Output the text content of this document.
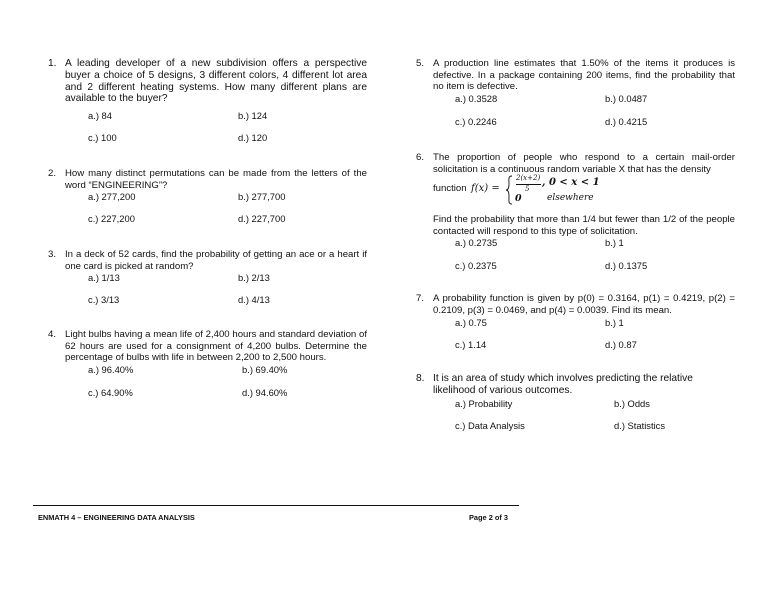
1. A leading developer of a new subdivision offers a perspective buyer a choice of 5 designs, 3 different colors, 4 different lot area and 2 different heating systems. How many different plans are available to the buyer?
a.) 84	b.) 124
c.) 100	d.) 120
2. How many distinct permutations can be made from the letters of the word “ENGINEERING”?
a.) 277,200	b.) 277,700
c.) 227,200	d.) 227,700
3. In a deck of 52 cards, find the probability of getting an ace or a heart if one card is picked at random?
a.) 1/13	b.) 2/13
c.) 3/13	d.) 4/13
4. Light bulbs having a mean life of 2,400 hours and standard deviation of 62 hours are used for a consignment of 4,200 bulbs. Determine the percentage of bulbs with life in between 2,200 to 2,500 hours.
a.) 96.40%	b.) 69.40%
c.) 64.90%	d.) 94.60%
5. A production line estimates that 1.50% of the items it produces is defective. In a package containing 200 items, find the probability that no item is defective.
a.) 0.3528	b.) 0.0487
c.) 0.2246	d.) 0.4215
6. The proportion of people who respond to a certain mail-order solicitation is a continuous random variable X that has the density
function f(x) =
2(x+2)
5
, 0 < x < 1
0	elsewhere
Find the probability that more than 1/4 but fewer than 1/2 of the people contacted will respond to this type of solicitation.
a.) 0.2735	b.) 1
c.) 0.2375	d.) 0.1375
7. A probability function is given by p(0) = 0.3164, p(1) = 0.4219, p(2) = 0.2109, p(3) = 0.0469, and p(4) = 0.0039. Find its mean.
a.) 0.75	b.) 1
c.) 1.14	d.) 0.87
8. It is an area of study which involves predicting the relative likelihood of various outcomes.
a.) Probability	b.) Odds
c.) Data Analysis	d.) Statistics
ENMATH 4 – ENGINEERING DATA ANALYSIS	Page 2 of 3
